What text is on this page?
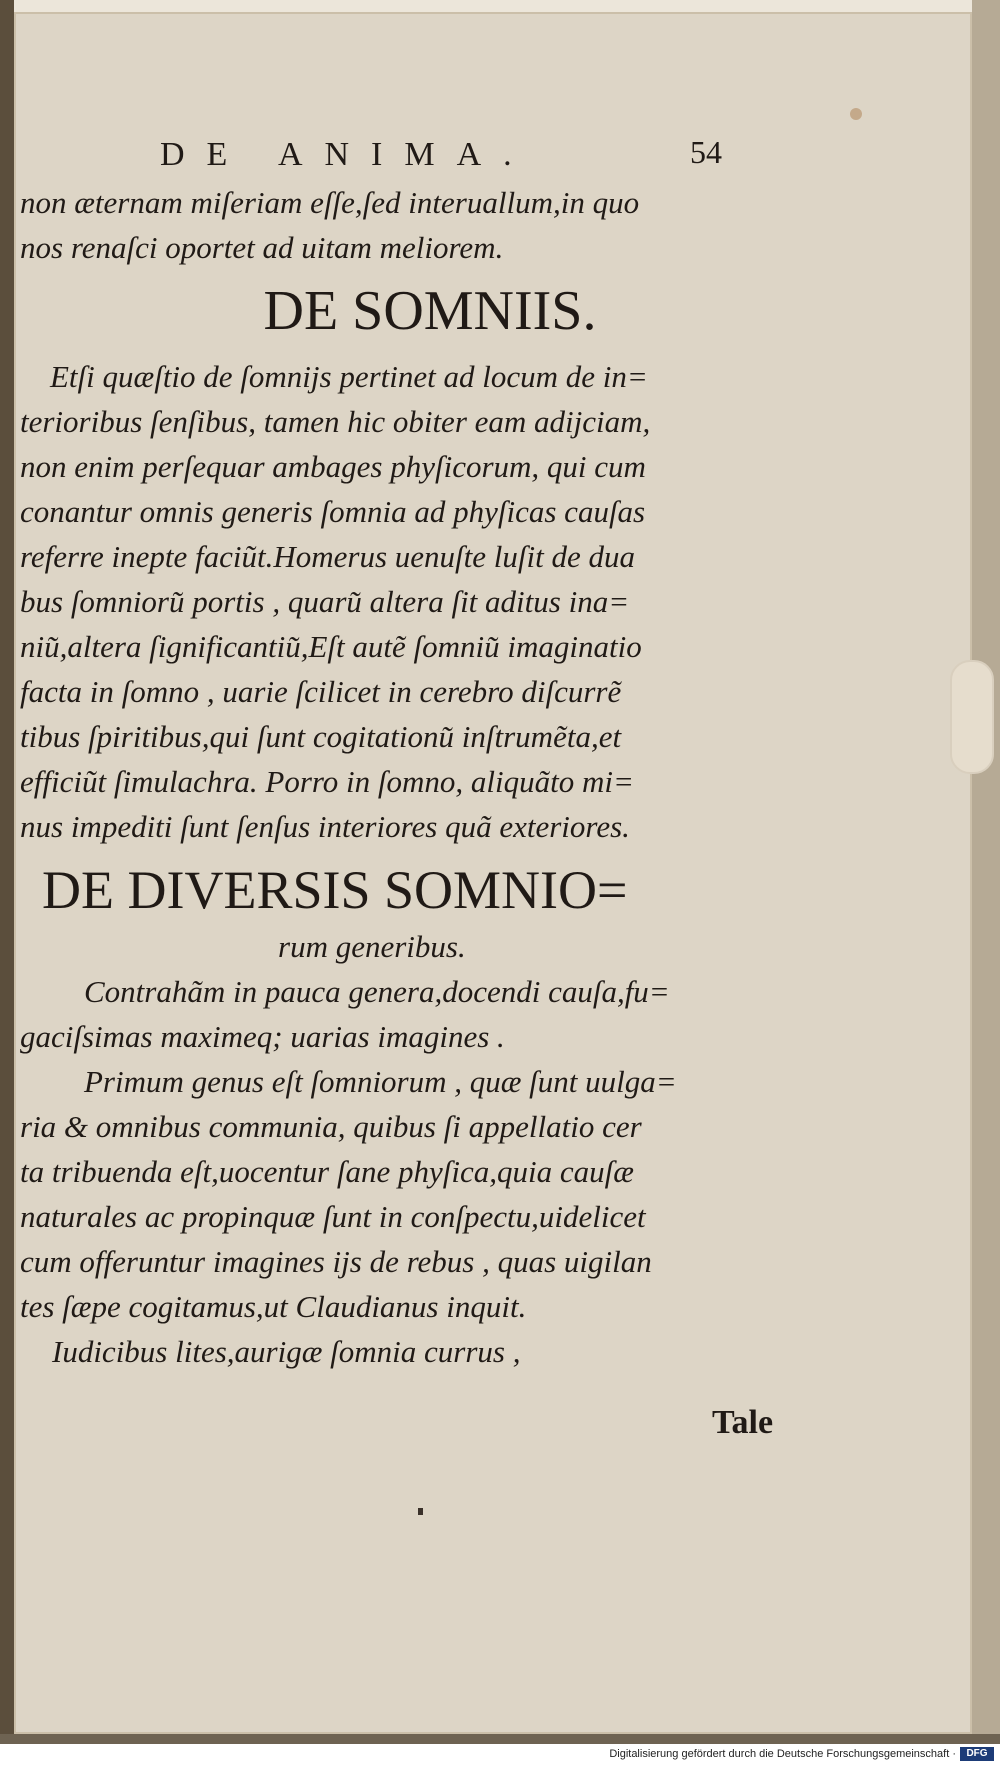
DE ANIMA.	54
non æternam miſeriam eſſe,ſed interuallum,in quo
nos renaſci oportet ad uitam meliorem.
DE SOMNIIS.
Etſi quæſtio de ſomnijs pertinet ad locum de in=
terioribus ſenſibus, tamen hic obiter eam adijciam,
non enim perſequar ambages phyſicorum, qui cum
conantur omnis generis ſomnia ad phyſicas cauſas
referre inepte faciũt.Homerus uenuſte luſit de dua
bus ſomnioru͂ portis , quaru͂ altera ſit aditus ina=
niu͂,altera ſignificantiu͂,Eſt autẽ ſomniu͂ imaginatio
facta in ſomno , uarie ſcilicet in cerebro diſcurrẽ
tibus ſpiritibus,qui ſunt cogitationu͂ inſtrumẽta,et
efficiũt ſimulachra. Porro in ſomno, aliquãto mi=
nus impediti ſunt ſenſus interiores quã exteriores.
DE DIVERSIS SOMNIO=
rum generibus.
Contrahãm in pauca genera,docendi cauſa,fu=
gaciſsimas maximeq; uarias imagines .
Primum genus eſt ſomniorum , quæ ſunt uulga=
ria & omnibus communia, quibus ſi appellatio cer
ta tribuenda eſt,uocentur ſane phyſica,quia cauſæ
naturales ac propinquæ ſunt in conſpectu,uidelicet
cum offeruntur imagines ijs de rebus , quas uigilan
tes ſæpe cogitamus,ut Claudianus inquit.
Iudicibus lites,aurigæ ſomnia currus ,
Tale
Digitalisierung gefördert durch die Deutsche Forschungsgemeinschaft ·	DFG
